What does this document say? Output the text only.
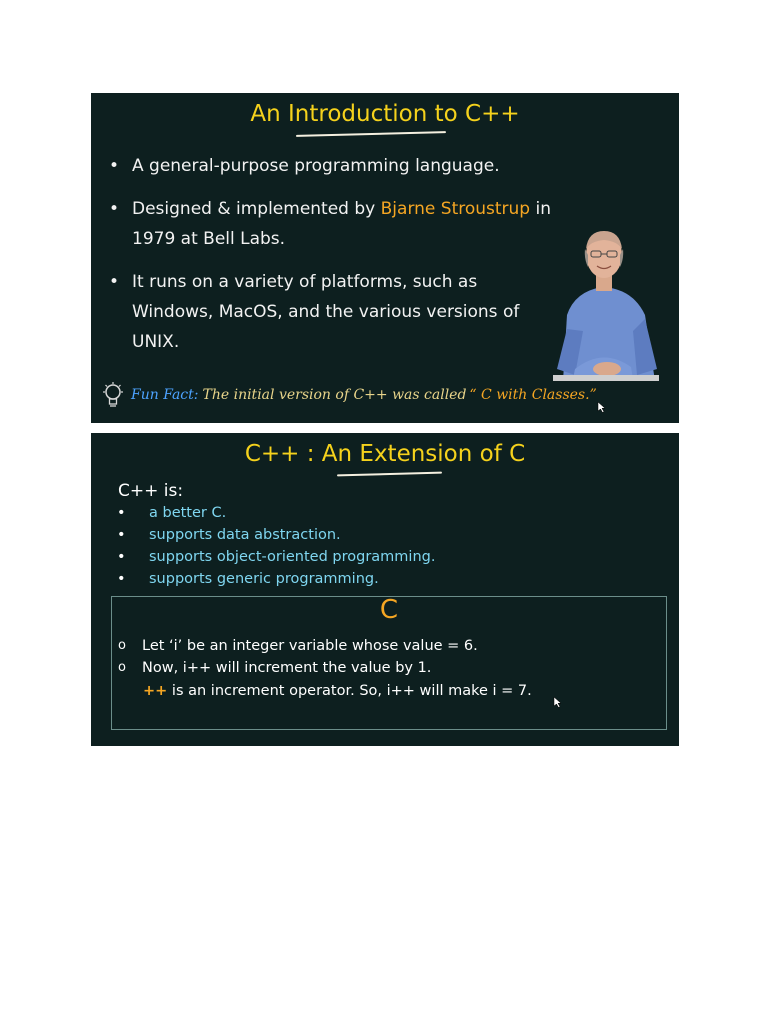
An Introduction to C++
• A general-purpose programming language.
• Designed & implemented by Bjarne Stroustrup in 1979 at Bell Labs.
• It runs on a variety of platforms, such as Windows, MacOS, and the various versions of UNIX.
Fun Fact: The initial version of C++ was called “ C with Classes.”
C++ : An Extension of C
C++ is:
• a better C.
• supports data abstraction.
• supports object-oriented programming.
• supports generic programming.
C
o Let ‘i’ be an integer variable whose value = 6.
o Now, i++ will increment the value by 1.
++ is an increment operator. So, i++ will make i = 7.
